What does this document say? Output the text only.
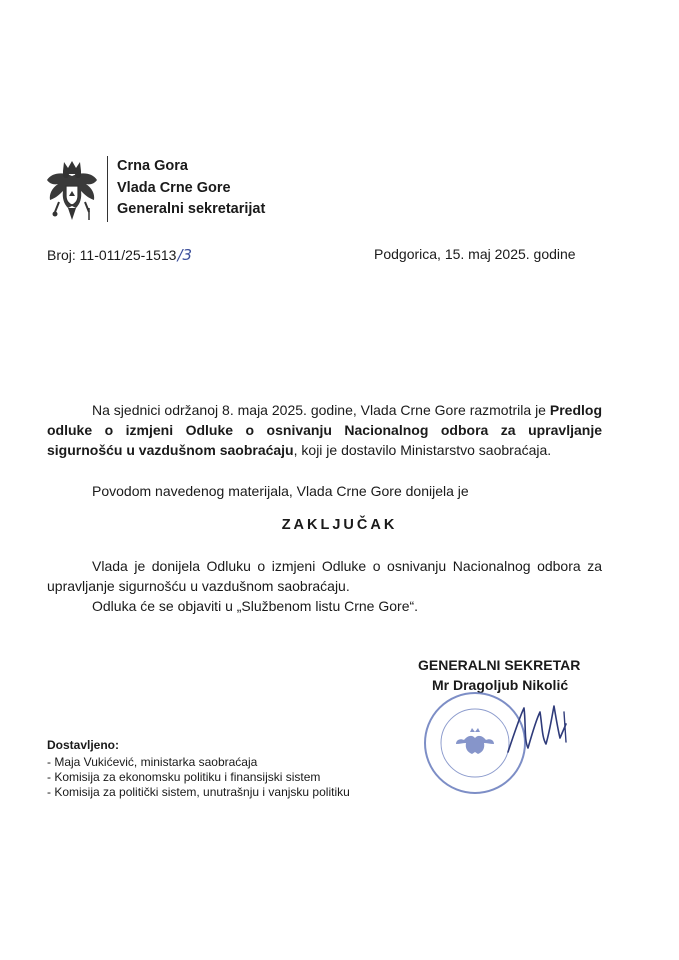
Crna Gora
Vlada Crne Gore
Generalni sekretarijat
Broj: 11-011/25-1513/3	Podgorica, 15. maj 2025. godine
Na sjednici održanoj 8. maja 2025. godine, Vlada Crne Gore razmotrila je Predlog odluke o izmjeni Odluke o osnivanju Nacionalnog odbora za upravljanje sigurnošću u vazdušnom saobraćaju, koji je dostavilo Ministarstvo saobraćaja.
Povodom navedenog materijala, Vlada Crne Gore donijela je
ZAKLJUČAK
Vlada je donijela Odluku o izmjeni Odluke o osnivanju Nacionalnog odbora za upravljanje sigurnošću u vazdušnom saobraćaju.
Odluka će se objaviti u „Službenom listu Crne Gore“.
GENERALNI SEKRETAR
Mr Dragoljub Nikolić
Dostavljeno:
- Maja Vukićević, ministarka saobraćaja
- Komisija za ekonomsku politiku i finansijski sistem
- Komisija za politički sistem, unutrašnju i vanjsku politiku
